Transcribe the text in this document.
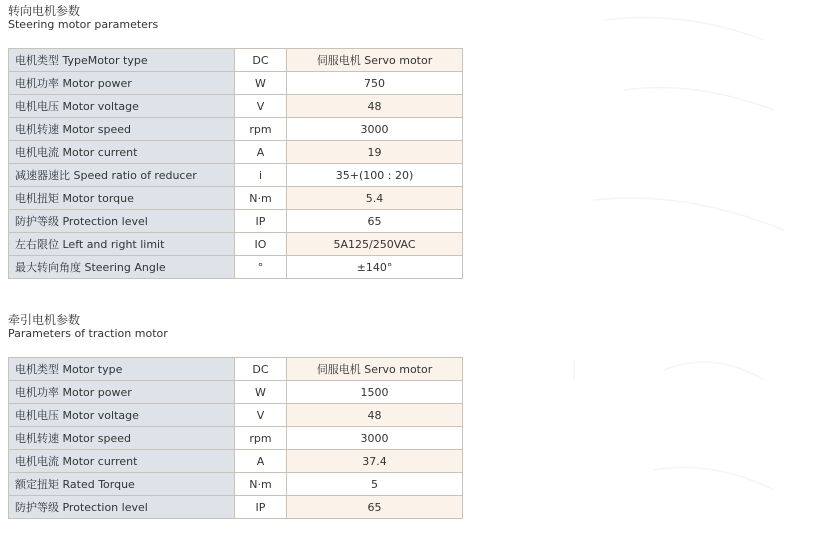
转向电机参数
Steering motor parameters
电机类型 TypeMotor type	DC	伺服电机 Servo motor
电机功率 Motor power	W	750
电机电压 Motor voltage	V	48
电机转速 Motor speed	rpm	3000
电机电流 Motor current	A	19
减速器速比 Speed ratio of reducer	i	35+(100 : 20)
电机扭矩 Motor torque	N·m	5.4
防护等级 Protection level	IP	65
左右限位 Left and right limit	IO	5A125/250VAC
最大转向角度 Steering Angle	°	±140°
牵引电机参数
Parameters of traction motor
电机类型 Motor type	DC	伺服电机 Servo motor
电机功率 Motor power	W	1500
电机电压 Motor voltage	V	48
电机转速 Motor speed	rpm	3000
电机电流 Motor current	A	37.4
额定扭矩 Rated Torque	N·m	5
防护等级 Protection level	IP	65
